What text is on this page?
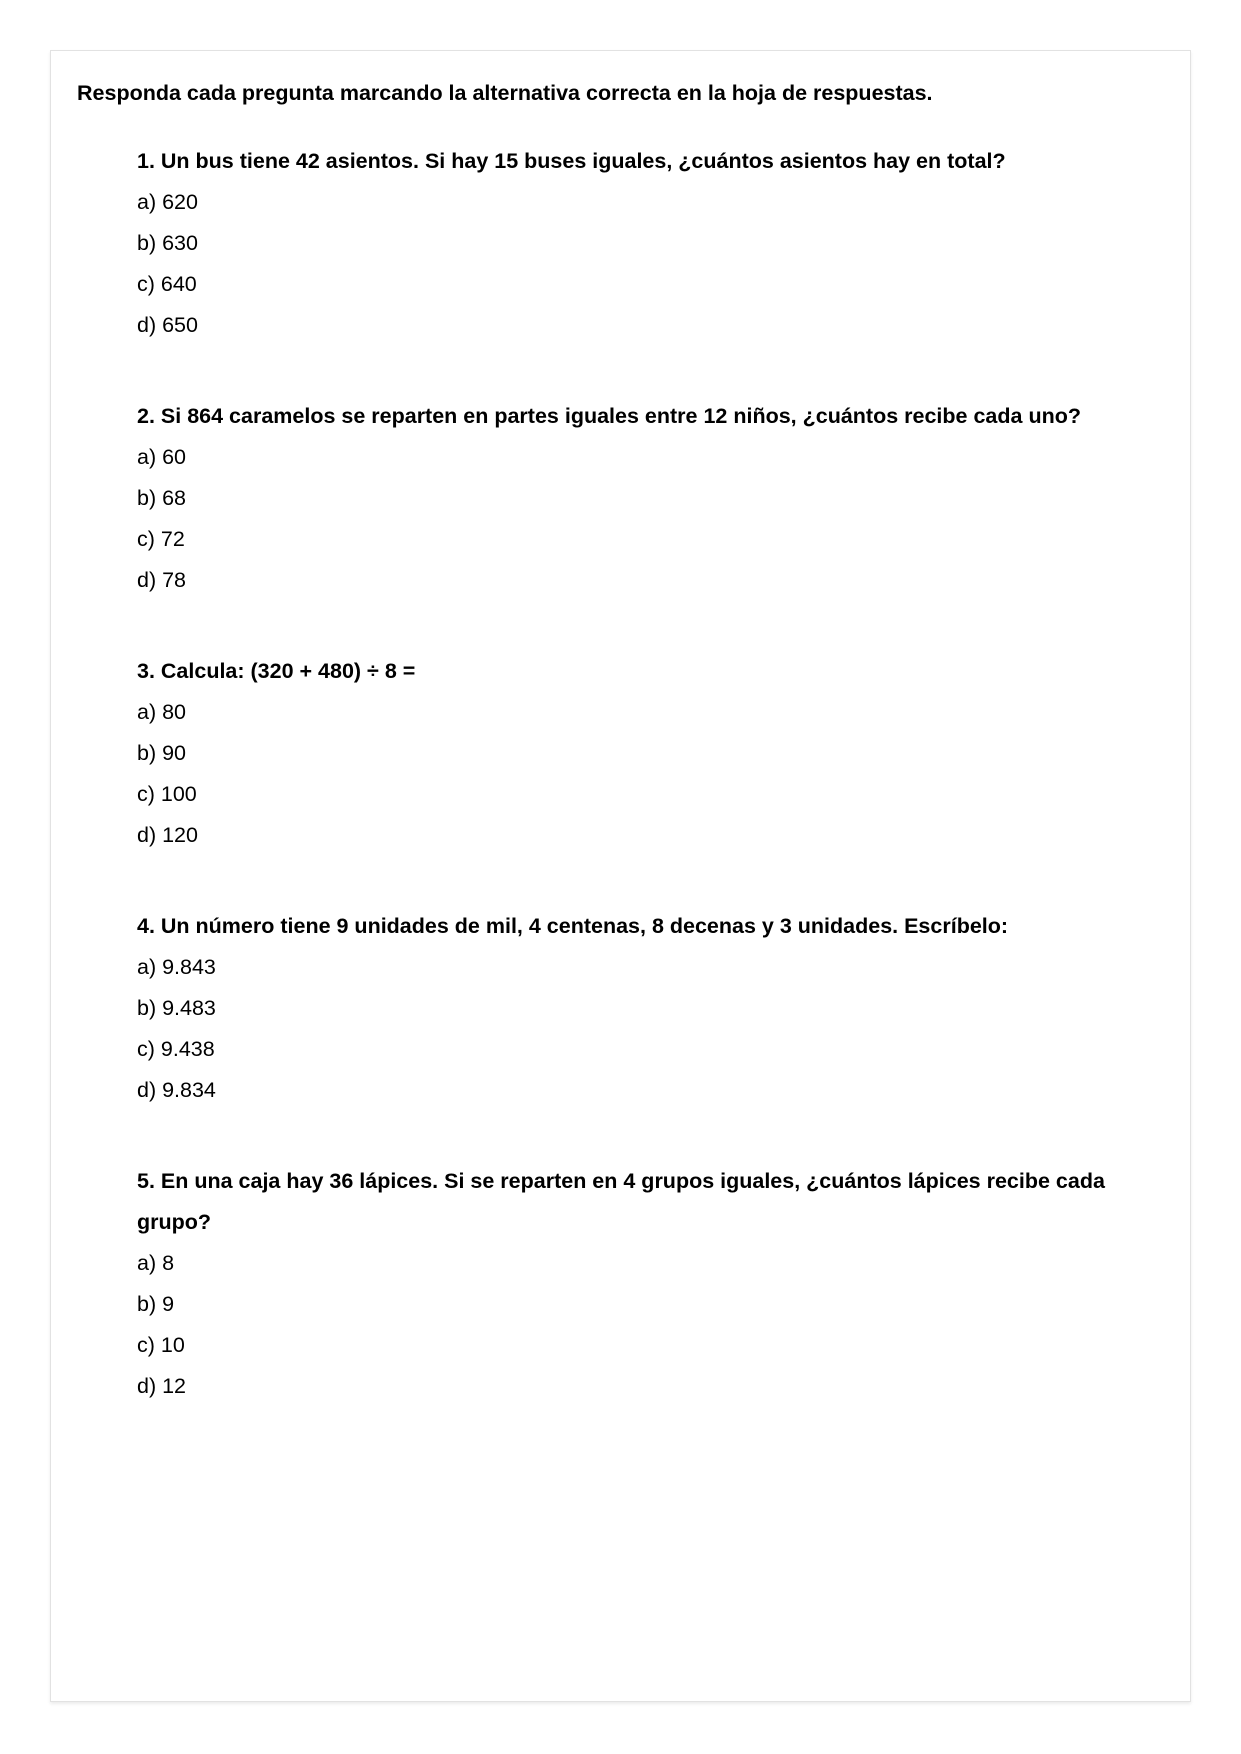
Responda cada pregunta marcando la alternativa correcta en la hoja de respuestas.

1. Un bus tiene 42 asientos. Si hay 15 buses iguales, ¿cuántos asientos hay en total?

a) 620

b) 630

c) 640

d) 650

2. Si 864 caramelos se reparten en partes iguales entre 12 niños, ¿cuántos recibe cada uno?

a) 60

b) 68

c) 72

d) 78

3. Calcula: (320 + 480) ÷ 8 =

a) 80

b) 90

c) 100

d) 120

4. Un número tiene 9 unidades de mil, 4 centenas, 8 decenas y 3 unidades. Escríbelo:

a) 9.843

b) 9.483

c) 9.438

d) 9.834

5. En una caja hay 36 lápices. Si se reparten en 4 grupos iguales, ¿cuántos lápices recibe cada grupo?

a) 8

b) 9

c) 10

d) 12
